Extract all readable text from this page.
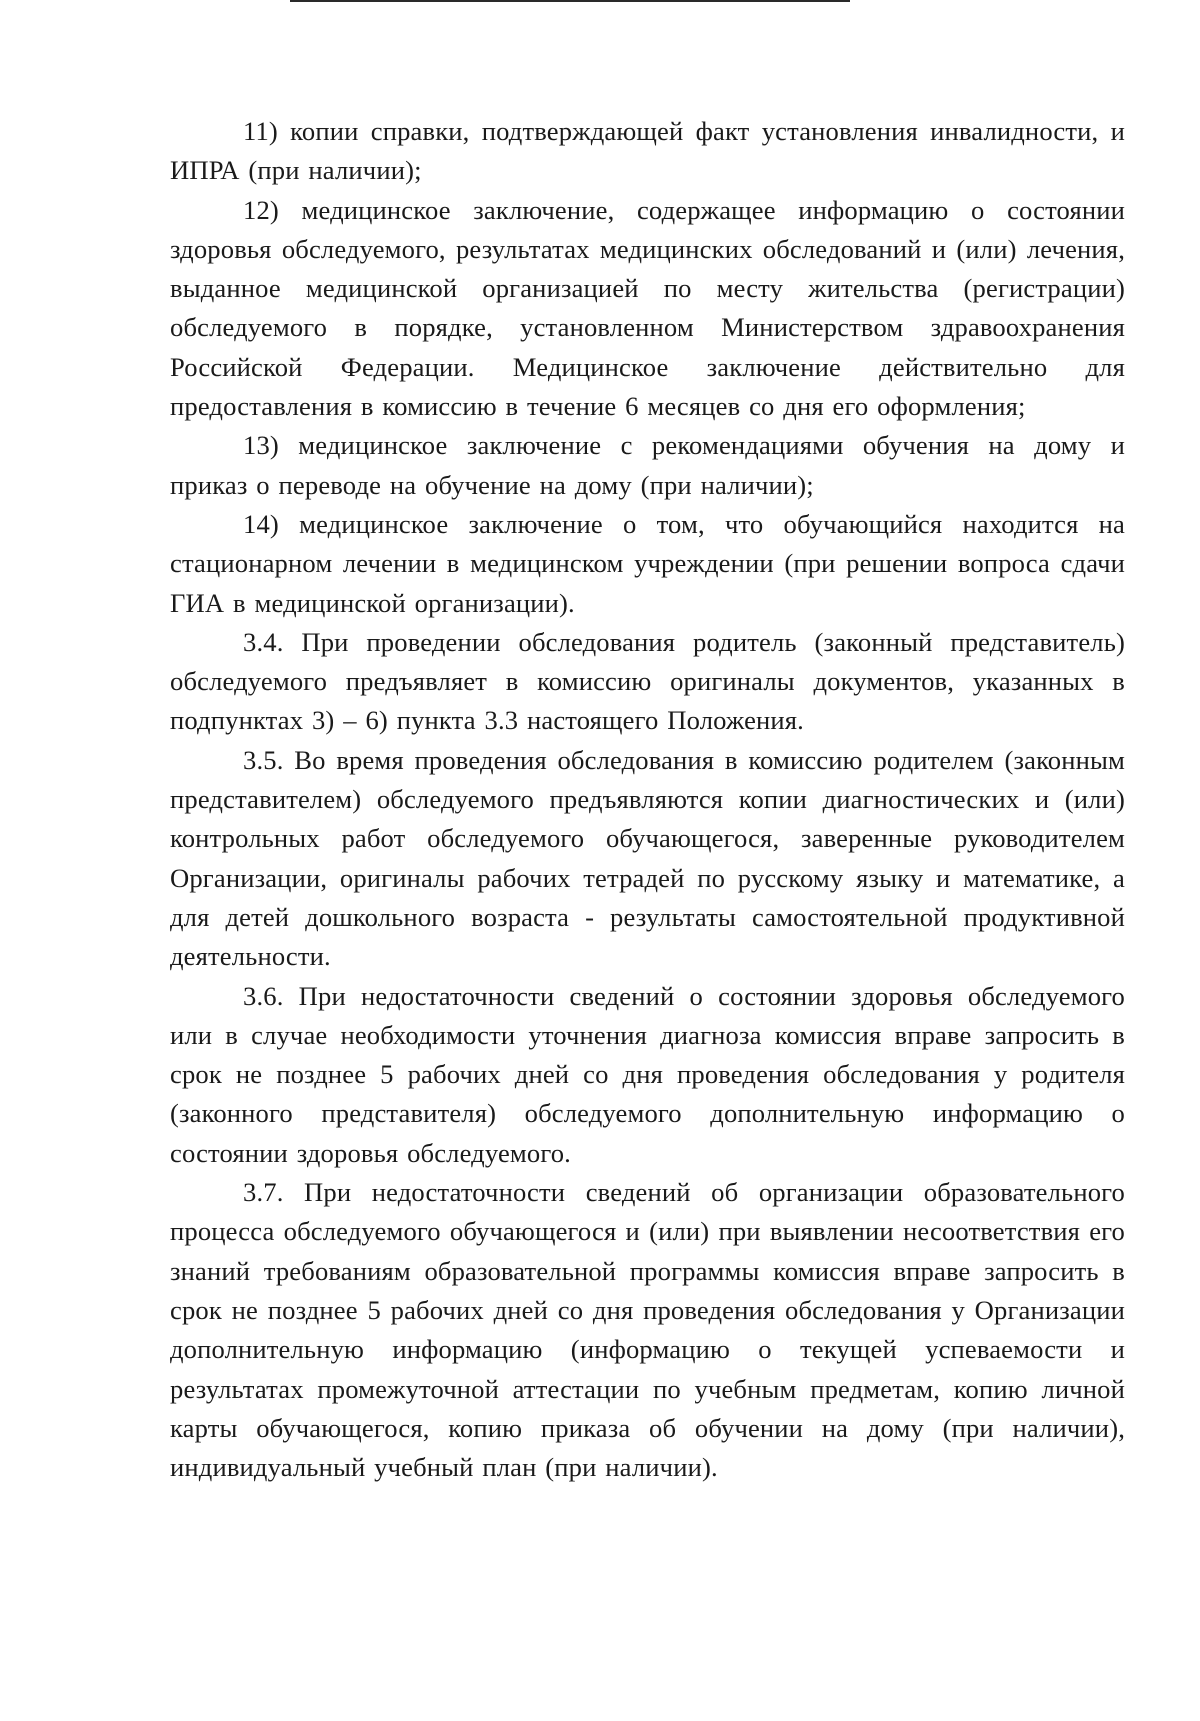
11) копии справки, подтверждающей факт установления инвалидности, и ИПРА (при наличии);

12) медицинское заключение, содержащее информацию о состоянии здоровья обследуемого, результатах медицинских обследований и (или) лечения, выданное медицинской организацией по месту жительства (регистрации) обследуемого в порядке, установленном Министерством здравоохранения Российской Федерации. Медицинское заключение действительно для предоставления в комиссию в течение 6 месяцев со дня его оформления;

13) медицинское заключение с рекомендациями обучения на дому и приказ о переводе на обучение на дому (при наличии);

14) медицинское заключение о том, что обучающийся находится на стационарном лечении в медицинском учреждении (при решении вопроса сдачи ГИА в медицинской организации).

3.4. При проведении обследования родитель (законный представитель) обследуемого предъявляет в комиссию оригиналы документов, указанных в подпунктах 3) – 6) пункта 3.3 настоящего Положения.

3.5. Во время проведения обследования в комиссию родителем (законным представителем) обследуемого предъявляются копии диагностических и (или) контрольных работ обследуемого обучающегося, заверенные руководителем Организации, оригиналы рабочих тетрадей по русскому языку и математике, а для детей дошкольного возраста - результаты самостоятельной продуктивной деятельности.

3.6. При недостаточности сведений о состоянии здоровья обследуемого или в случае необходимости уточнения диагноза комиссия вправе запросить в срок не позднее 5 рабочих дней со дня проведения обследования у родителя (законного представителя) обследуемого дополнительную информацию о состоянии здоровья обследуемого.

3.7. При недостаточности сведений об организации образовательного процесса обследуемого обучающегося и (или) при выявлении несоответствия его знаний требованиям образовательной программы комиссия вправе запросить в срок не позднее 5 рабочих дней со дня проведения обследования у Организации дополнительную информацию (информацию о текущей успеваемости и результатах промежуточной аттестации по учебным предметам, копию личной карты обучающегося, копию приказа об обучении на дому (при наличии), индивидуальный учебный план (при наличии).
